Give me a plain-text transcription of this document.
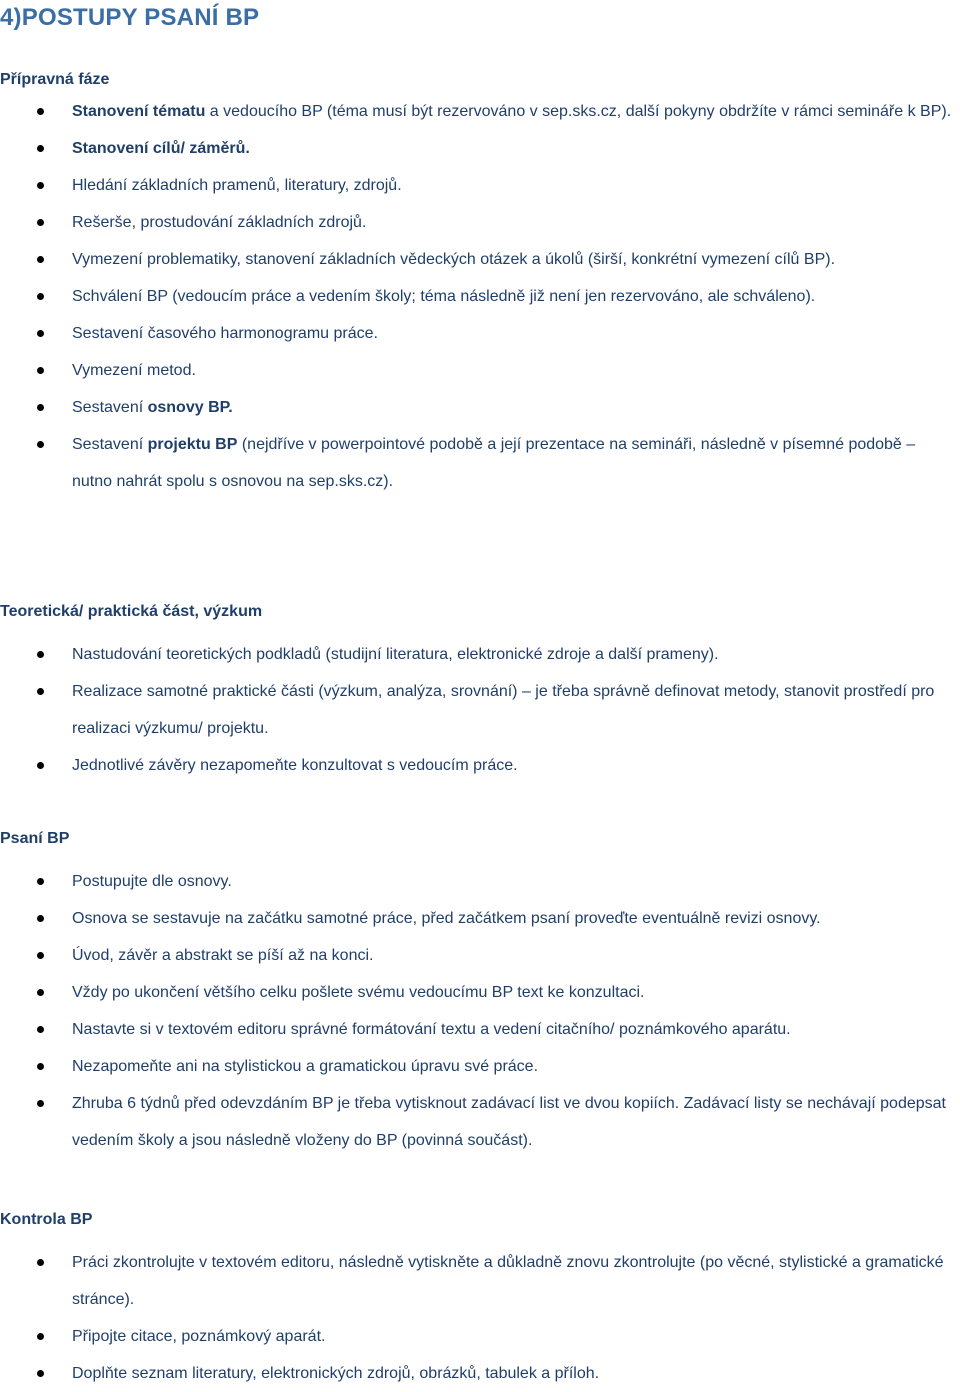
4)POSTUPY PSANÍ BP
Přípravná fáze
Stanovení tématu a vedoucího BP (téma musí být rezervováno v sep.sks.cz, další pokyny obdržíte v rámci semináře k BP).
Stanovení cílů/ záměrů.
Hledání základních pramenů, literatury, zdrojů.
Rešerše, prostudování základních zdrojů.
Vymezení problematiky, stanovení základních vědeckých otázek a úkolů (širší, konkrétní vymezení cílů BP).
Schválení BP (vedoucím práce a vedením školy; téma následně již není jen rezervováno, ale schváleno).
Sestavení časového harmonogramu práce.
Vymezení metod.
Sestavení osnovy BP.
Sestavení projektu BP (nejdříve v powerpointové podobě a její prezentace na semináři, následně v písemné podobě – nutno nahrát spolu s osnovou na sep.sks.cz).
Teoretická/ praktická část, výzkum
Nastudování teoretických podkladů (studijní literatura, elektronické zdroje a další prameny).
Realizace samotné praktické části (výzkum, analýza, srovnání) – je třeba správně definovat metody, stanovit prostředí pro realizaci výzkumu/ projektu.
Jednotlivé závěry nezapomeňte konzultovat s vedoucím práce.
Psaní BP
Postupujte dle osnovy.
Osnova se sestavuje na začátku samotné práce, před začátkem psaní proveďte eventuálně revizi osnovy.
Úvod, závěr a abstrakt se píší až na konci.
Vždy po ukončení většího celku pošlete svému vedoucímu BP text ke konzultaci.
Nastavte si v textovém editoru správné formátování textu a vedení citačního/ poznámkového aparátu.
Nezapomeňte ani na stylistickou a gramatickou úpravu své práce.
Zhruba 6 týdnů před odevzdáním BP je třeba vytisknout zadávací list ve dvou kopiích. Zadávací listy se nechávají podepsat vedením školy a jsou následně vloženy do BP (povinná součást).
Kontrola BP
Práci zkontrolujte v textovém editoru, následně vytiskněte a důkladně znovu zkontrolujte (po věcné, stylistické a gramatické stránce).
Připojte citace, poznámkový aparát.
Doplňte seznam literatury, elektronických zdrojů, obrázků, tabulek a příloh.
